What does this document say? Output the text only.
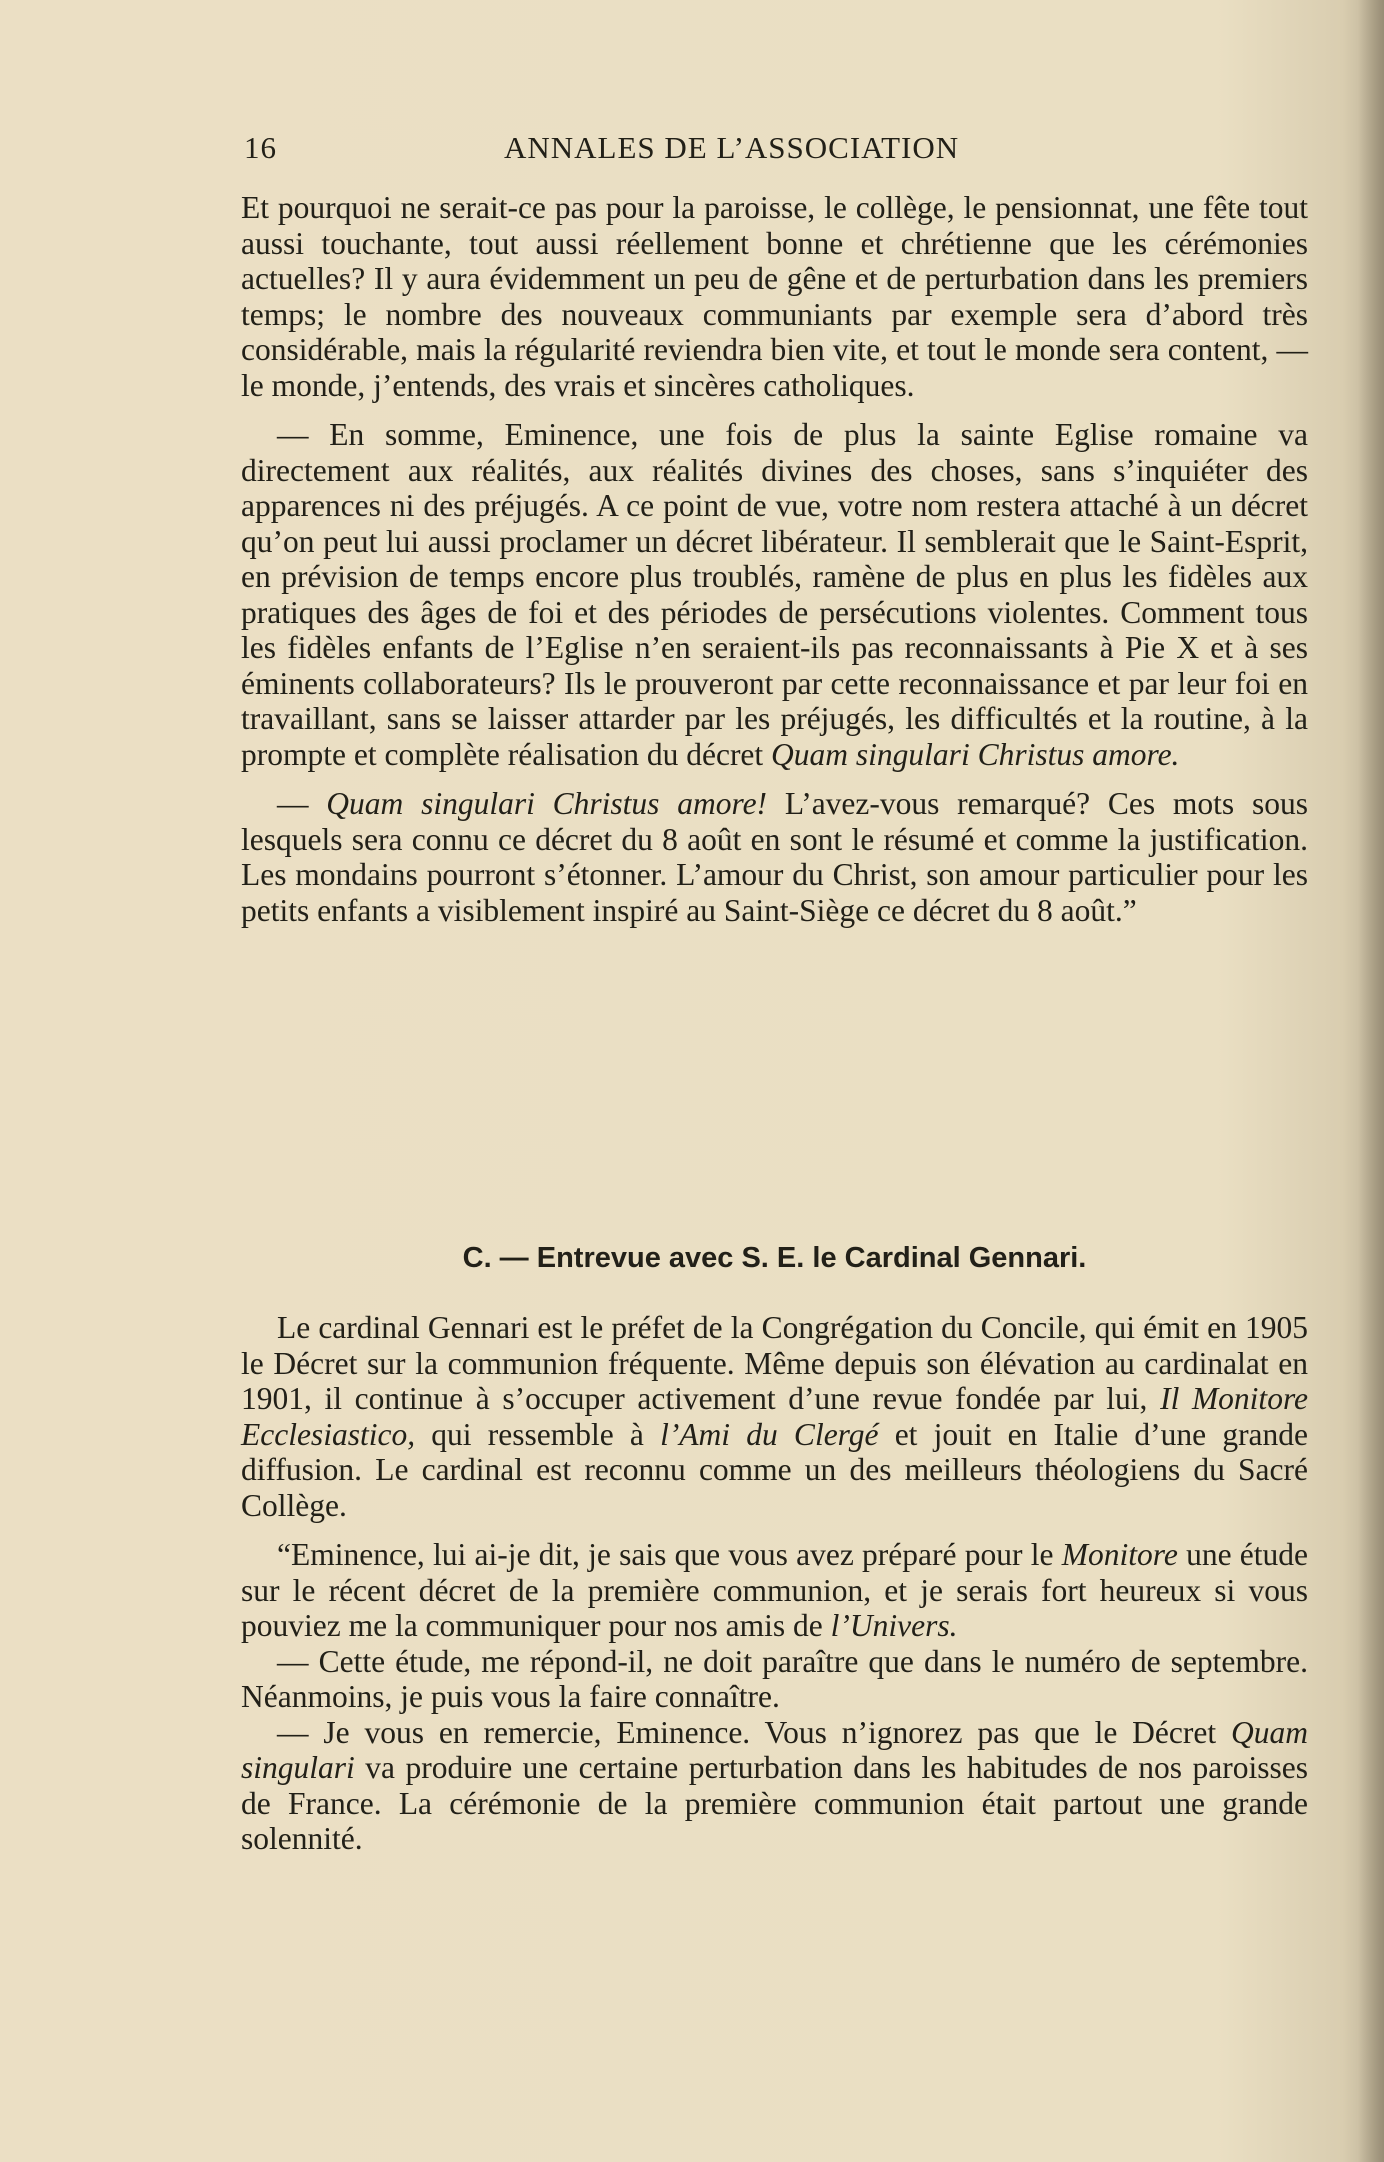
16	ANNALES DE L’ASSOCIATION

Et pourquoi ne serait-ce pas pour la paroisse, le collège, le pensionnat, une fête tout aussi touchante, tout aussi réellement bonne et chrétienne que les cérémonies actuelles? Il y aura évidemment un peu de gêne et de perturbation dans les premiers temps; le nombre des nouveaux communiants par exemple sera d’abord très considérable, mais la régularité reviendra bien vite, et tout le monde sera content, — le monde, j’entends, des vrais et sincères catholiques.

— En somme, Eminence, une fois de plus la sainte Eglise romaine va directement aux réalités, aux réalités divines des choses, sans s’inquiéter des apparences ni des préjugés. A ce point de vue, votre nom restera attaché à un décret qu’on peut lui aussi proclamer un décret libérateur. Il semblerait que le Saint-Esprit, en prévision de temps encore plus troublés, ramène de plus en plus les fidèles aux pratiques des âges de foi et des périodes de persécutions violentes. Comment tous les fidèles enfants de l’Eglise n’en seraient-ils pas reconnaissants à Pie X et à ses éminents collaborateurs? Ils le prouveront par cette reconnaissance et par leur foi en travaillant, sans se laisser attarder par les préjugés, les difficultés et la routine, à la prompte et complète réalisation du décret Quam singulari Christus amore.

— Quam singulari Christus amore! L’avez-vous remarqué? Ces mots sous lesquels sera connu ce décret du 8 août en sont le résumé et comme la justification. Les mondains pourront s’étonner. L’amour du Christ, son amour particulier pour les petits enfants a visiblement inspiré au Saint-Siège ce décret du 8 août.”

C. — Entrevue avec S. E. le Cardinal Gennari.

Le cardinal Gennari est le préfet de la Congrégation du Concile, qui émit en 1905 le Décret sur la communion fréquente. Même depuis son élévation au cardinalat en 1901, il continue à s’occuper activement d’une revue fondée par lui, Il Monitore Ecclesiastico, qui ressemble à l’Ami du Clergé et jouit en Italie d’une grande diffusion. Le cardinal est reconnu comme un des meilleurs théologiens du Sacré Collège.

“Eminence, lui ai-je dit, je sais que vous avez préparé pour le Monitore une étude sur le récent décret de la première communion, et je serais fort heureux si vous pouviez me la communiquer pour nos amis de l’Univers.

— Cette étude, me répond-il, ne doit paraître que dans le numéro de septembre. Néanmoins, je puis vous la faire connaître.

— Je vous en remercie, Eminence. Vous n’ignorez pas que le Décret Quam singulari va produire une certaine perturbation dans les habitudes de nos paroisses de France. La cérémonie de la première communion était partout une grande solennité.
